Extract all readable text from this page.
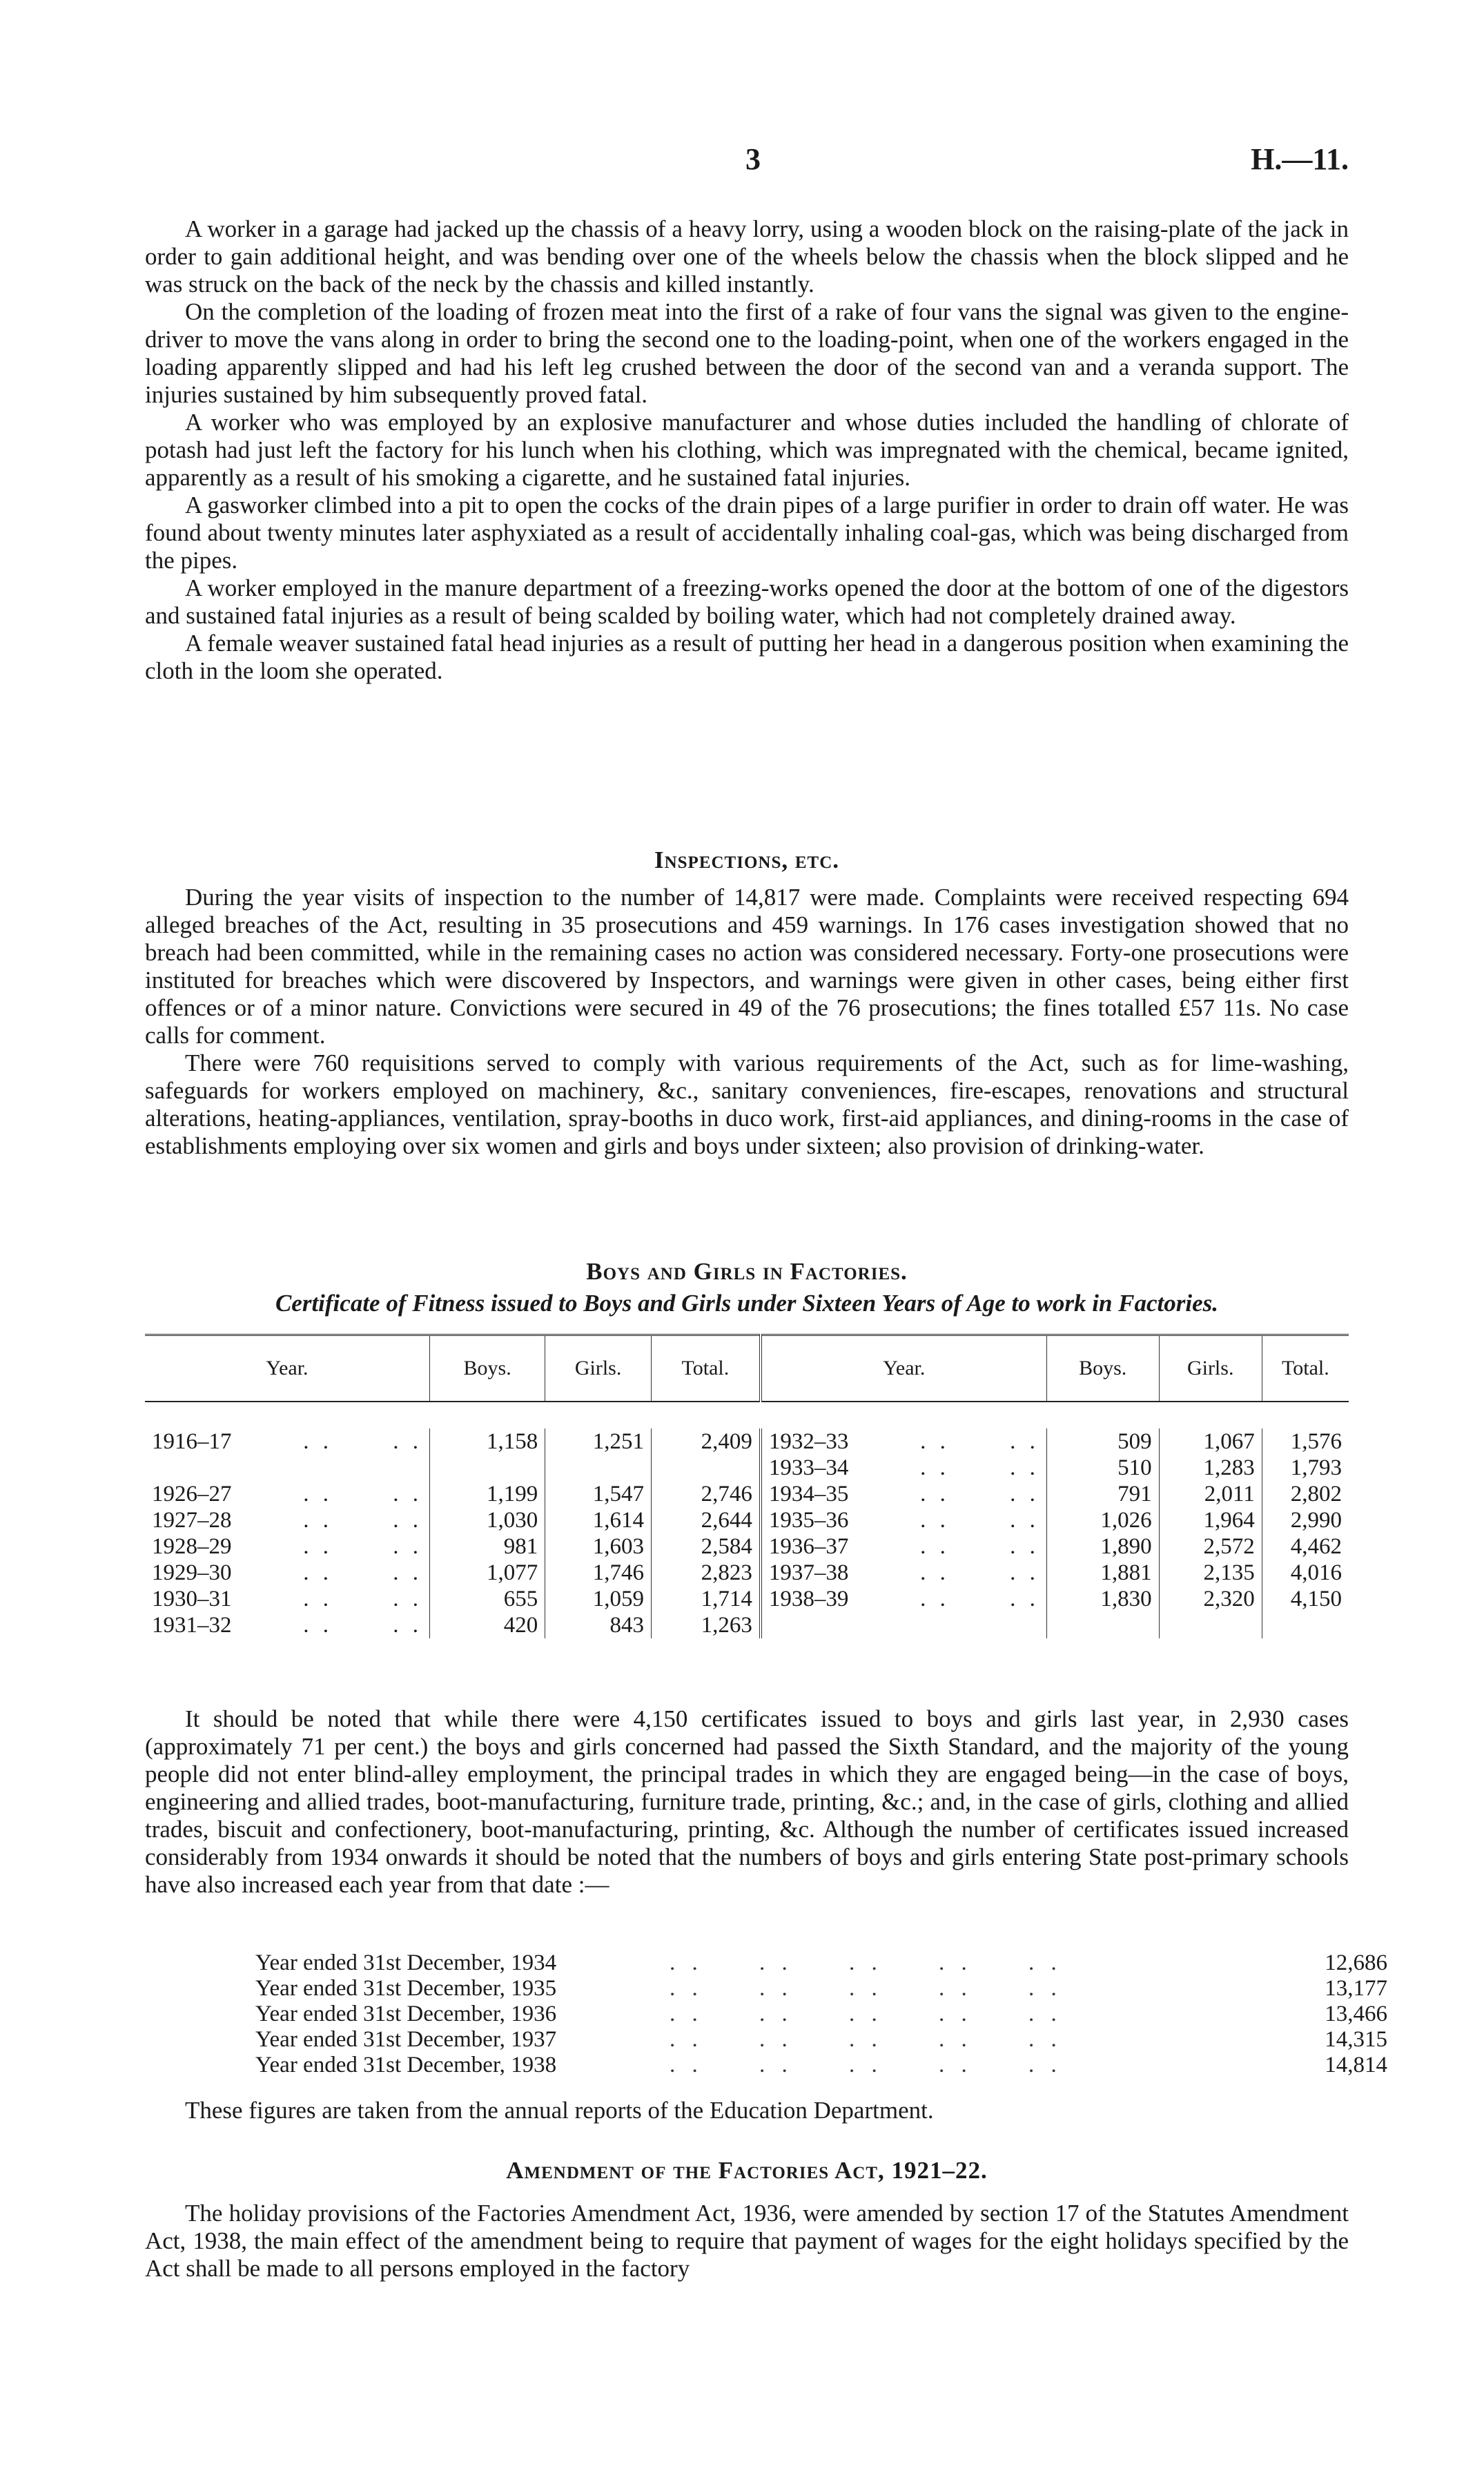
3	H.—11.

A worker in a garage had jacked up the chassis of a heavy lorry, using a wooden block on the raising-plate of the jack in order to gain additional height, and was bending over one of the wheels below the chassis when the block slipped and he was struck on the back of the neck by the chassis and killed instantly.

On the completion of the loading of frozen meat into the first of a rake of four vans the signal was given to the engine-driver to move the vans along in order to bring the second one to the loading-point, when one of the workers engaged in the loading apparently slipped and had his left leg crushed between the door of the second van and a veranda support. The injuries sustained by him subsequently proved fatal.

A worker who was employed by an explosive manufacturer and whose duties included the handling of chlorate of potash had just left the factory for his lunch when his clothing, which was impregnated with the chemical, became ignited, apparently as a result of his smoking a cigarette, and he sustained fatal injuries.

A gasworker climbed into a pit to open the cocks of the drain pipes of a large purifier in order to drain off water. He was found about twenty minutes later asphyxiated as a result of accidentally inhaling coal-gas, which was being discharged from the pipes.

A worker employed in the manure department of a freezing-works opened the door at the bottom of one of the digestors and sustained fatal injuries as a result of being scalded by boiling water, which had not completely drained away.

A female weaver sustained fatal head injuries as a result of putting her head in a dangerous position when examining the cloth in the loom she operated.

Inspections, etc.

During the year visits of inspection to the number of 14,817 were made. Complaints were received respecting 694 alleged breaches of the Act, resulting in 35 prosecutions and 459 warnings. In 176 cases investigation showed that no breach had been committed, while in the remaining cases no action was considered necessary. Forty-one prosecutions were instituted for breaches which were discovered by Inspectors, and warnings were given in other cases, being either first offences or of a minor nature. Convictions were secured in 49 of the 76 prosecutions; the fines totalled £57 11s. No case calls for comment.

There were 760 requisitions served to comply with various requirements of the Act, such as for lime-washing, safeguards for workers employed on machinery, &c., sanitary conveniences, fire-escapes, renovations and structural alterations, heating-appliances, ventilation, spray-booths in duco work, first-aid appliances, and dining-rooms in the case of establishments employing over six women and girls and boys under sixteen; also provision of drinking-water.

Boys and Girls in Factories.
Certificate of Fitness issued to Boys and Girls under Sixteen Years of Age to work in Factories.
Year.	Boys.	Girls.	Total.	Year.	Boys.	Girls.	Total.

1916–17 . . . .	1,158	1,251	2,409	1932–33 . . . .	509	1,067	1,576
				1933–34 . . . .	510	1,283	1,793
1926–27 . . . .	1,199	1,547	2,746	1934–35 . . . .	791	2,011	2,802
1927–28 . . . .	1,030	1,614	2,644	1935–36 . . . .	1,026	1,964	2,990
1928–29 . . . .	981	1,603	2,584	1936–37 . . . .	1,890	2,572	4,462
1929–30 . . . .	1,077	1,746	2,823	1937–38 . . . .	1,881	2,135	4,016
1930–31 . . . .	655	1,059	1,714	1938–39 . . . .	1,830	2,320	4,150
1931–32 . . . .	420	843	1,263				

It should be noted that while there were 4,150 certificates issued to boys and girls last year, in 2,930 cases (approximately 71 per cent.) the boys and girls concerned had passed the Sixth Standard, and the majority of the young people did not enter blind-alley employment, the principal trades in which they are engaged being—in the case of boys, engineering and allied trades, boot-manufacturing, furniture trade, printing, &c.; and, in the case of girls, clothing and allied trades, biscuit and confectionery, boot-manufacturing, printing, &c. Although the number of certificates issued increased considerably from 1934 onwards it should be noted that the numbers of boys and girls entering State post-primary schools have also increased each year from that date :—

Year ended 31st December, 1934	. .     . .     . .     . .     . .	12,686
Year ended 31st December, 1935	. .     . .     . .     . .     . .	13,177
Year ended 31st December, 1936	. .     . .     . .     . .     . .	13,466
Year ended 31st December, 1937	. .     . .     . .     . .     . .	14,315
Year ended 31st December, 1938	. .     . .     . .     . .     . .	14,814

These figures are taken from the annual reports of the Education Department.

Amendment of the Factories Act, 1921–22.

The holiday provisions of the Factories Amendment Act, 1936, were amended by section 17 of the Statutes Amendment Act, 1938, the main effect of the amendment being to require that payment of wages for the eight holidays specified by the Act shall be made to all persons employed in the factory
